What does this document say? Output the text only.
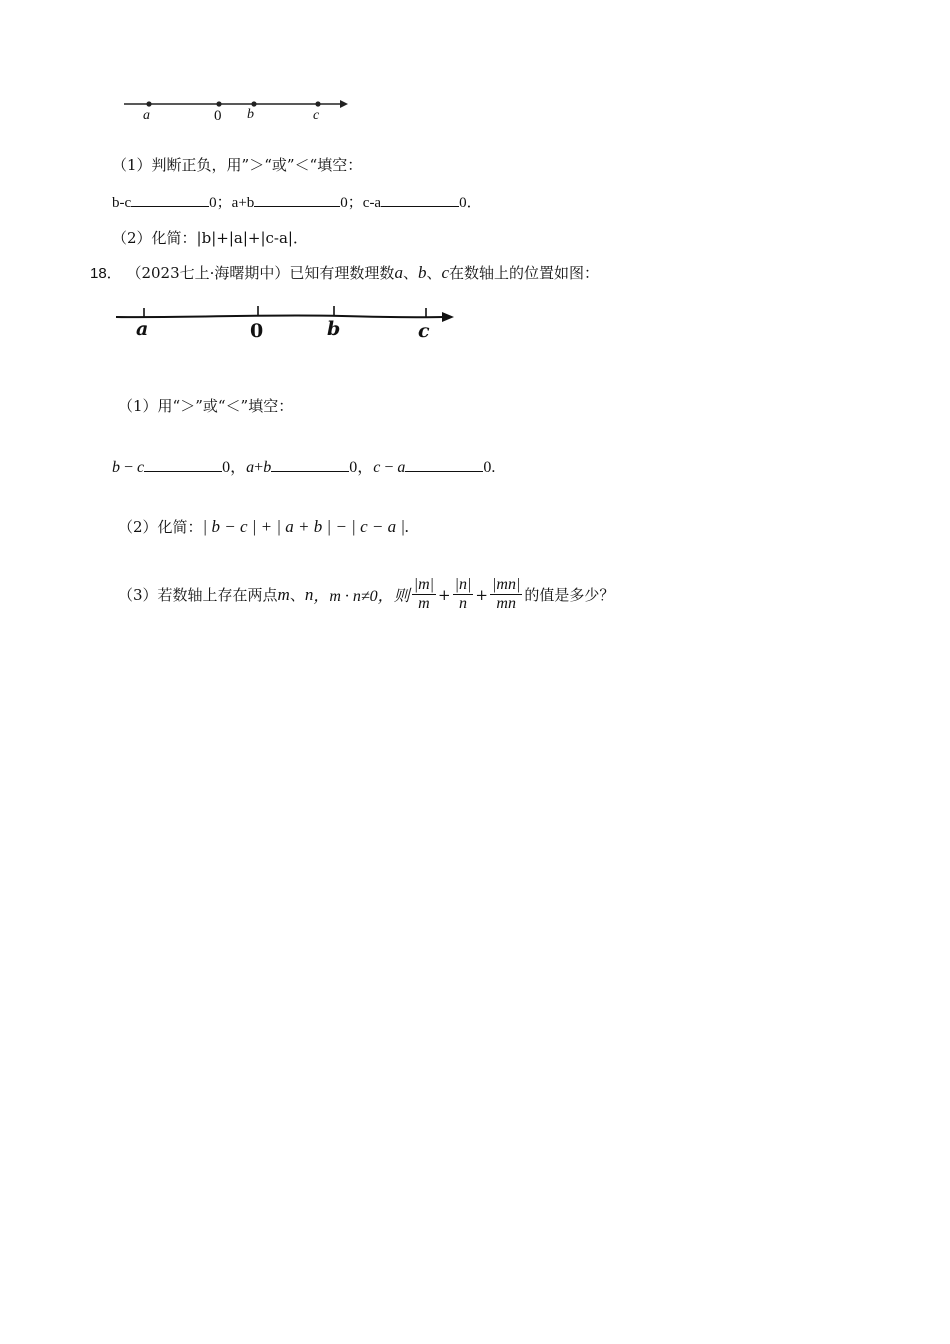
a	0 b	c
（1）判断正负，用”＞“或”＜“填空：
b-c	0；a+b	0；c-a	0．
（2）化简：|b|+|a|+|c-a|．
18． （2023七上·海曙期中）已知有理数理数a、b、c在数轴上的位置如图：
a	0	b	c
（1）用“＞”或“＜”填空：
b − c	0，a+b	0，c − a	0.
（2）化简：| b − c | + | a + b | − | c − a |.
（3）若数轴上存在两点 m 、 n ，m · n≠0，则 $\frac{|m|}{m} + \frac{|n|}{n} + \frac{|mn|}{mn}$ 的值是多少？
